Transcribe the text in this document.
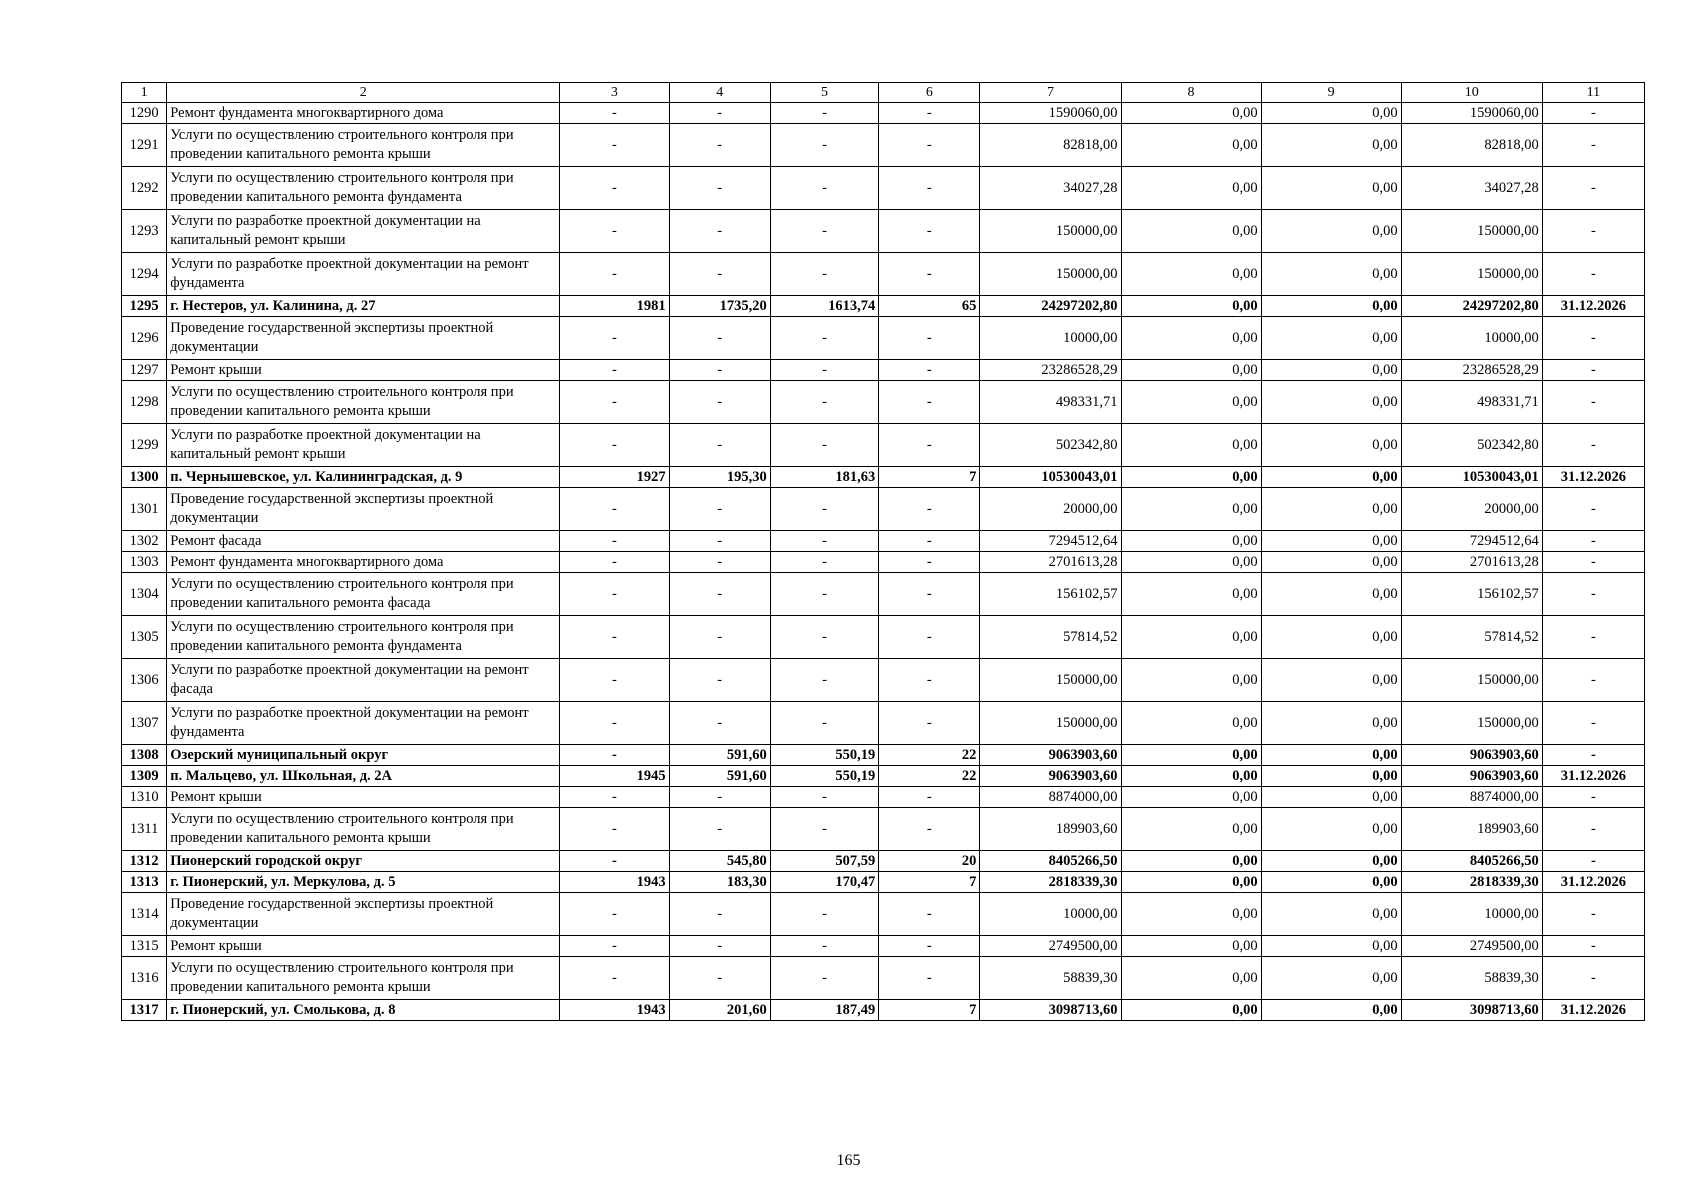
1	2	3	4	5	6	7	8	9	10	11
1290	Ремонт фундамента многоквартирного дома	-	-	-	-	1590060,00	0,00	0,00	1590060,00	-
1291	Услуги по осуществлению строительного контроля при проведении капитального ремонта крыши	-	-	-	-	82818,00	0,00	0,00	82818,00	-
1292	Услуги по осуществлению строительного контроля при проведении капитального ремонта фундамента	-	-	-	-	34027,28	0,00	0,00	34027,28	-
1293	Услуги по разработке проектной документации на капитальный ремонт крыши	-	-	-	-	150000,00	0,00	0,00	150000,00	-
1294	Услуги по разработке проектной документации на ремонт фундамента	-	-	-	-	150000,00	0,00	0,00	150000,00	-
1295	г. Нестеров, ул. Калинина, д. 27	1981	1735,20	1613,74	65	24297202,80	0,00	0,00	24297202,80	31.12.2026
1296	Проведение государственной экспертизы проектной документации	-	-	-	-	10000,00	0,00	0,00	10000,00	-
1297	Ремонт крыши	-	-	-	-	23286528,29	0,00	0,00	23286528,29	-
1298	Услуги по осуществлению строительного контроля при проведении капитального ремонта крыши	-	-	-	-	498331,71	0,00	0,00	498331,71	-
1299	Услуги по разработке проектной документации на капитальный ремонт крыши	-	-	-	-	502342,80	0,00	0,00	502342,80	-
1300	п. Чернышевское, ул. Калининградская, д. 9	1927	195,30	181,63	7	10530043,01	0,00	0,00	10530043,01	31.12.2026
1301	Проведение государственной экспертизы проектной документации	-	-	-	-	20000,00	0,00	0,00	20000,00	-
1302	Ремонт фасада	-	-	-	-	7294512,64	0,00	0,00	7294512,64	-
1303	Ремонт фундамента многоквартирного дома	-	-	-	-	2701613,28	0,00	0,00	2701613,28	-
1304	Услуги по осуществлению строительного контроля при проведении капитального ремонта фасада	-	-	-	-	156102,57	0,00	0,00	156102,57	-
1305	Услуги по осуществлению строительного контроля при проведении капитального ремонта фундамента	-	-	-	-	57814,52	0,00	0,00	57814,52	-
1306	Услуги по разработке проектной документации на ремонт фасада	-	-	-	-	150000,00	0,00	0,00	150000,00	-
1307	Услуги по разработке проектной документации на ремонт фундамента	-	-	-	-	150000,00	0,00	0,00	150000,00	-
1308	Озерский муниципальный округ	-	591,60	550,19	22	9063903,60	0,00	0,00	9063903,60	-
1309	п. Мальцево, ул. Школьная, д. 2А	1945	591,60	550,19	22	9063903,60	0,00	0,00	9063903,60	31.12.2026
1310	Ремонт крыши	-	-	-	-	8874000,00	0,00	0,00	8874000,00	-
1311	Услуги по осуществлению строительного контроля при проведении капитального ремонта крыши	-	-	-	-	189903,60	0,00	0,00	189903,60	-
1312	Пионерский городской округ	-	545,80	507,59	20	8405266,50	0,00	0,00	8405266,50	-
1313	г. Пионерский, ул. Меркулова, д. 5	1943	183,30	170,47	7	2818339,30	0,00	0,00	2818339,30	31.12.2026
1314	Проведение государственной экспертизы проектной документации	-	-	-	-	10000,00	0,00	0,00	10000,00	-
1315	Ремонт крыши	-	-	-	-	2749500,00	0,00	0,00	2749500,00	-
1316	Услуги по осуществлению строительного контроля при проведении капитального ремонта крыши	-	-	-	-	58839,30	0,00	0,00	58839,30	-
1317	г. Пионерский, ул. Смолькова, д. 8	1943	201,60	187,49	7	3098713,60	0,00	0,00	3098713,60	31.12.2026
165
